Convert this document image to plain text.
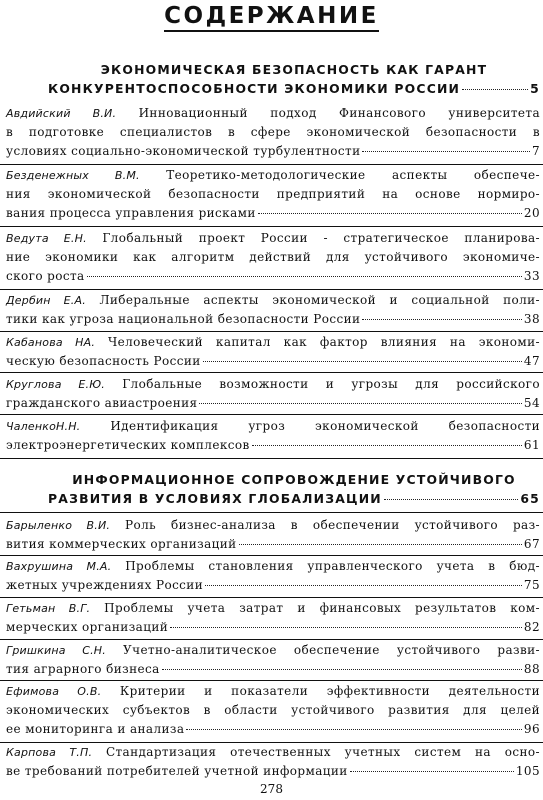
СОДЕРЖАНИЕ
ЭКОНОМИЧЕСКАЯ БЕЗОПАСНОСТЬ КАК ГАРАНТ
КОНКУРЕНТОСПОСОБНОСТИ ЭКОНОМИКИ РОССИИ	5
Авдийский В.И. Инновационный подход Финансового университета
в подготовке специалистов в сфере экономической безопасности в
условиях социально-экономической турбулентности	7
Безденежных В.М. Теоретико-методологические аспекты обеспече-
ния экономической безопасности предприятий на основе нормиро-
вания процесса управления рисками	20
Ведута Е.Н. Глобальный проект России - стратегическое планирова-
ние экономики как алгоритм действий для устойчивого экономиче-
ского роста	33
Дербин Е.А. Либеральные аспекты экономической и социальной поли-
тики как угроза национальной безопасности России	38
Кабанова НА. Человеческий капитал как фактор влияния на экономи-
ческую безопасность России	47
Круглова Е.Ю. Глобальные возможности и угрозы для российского
гражданского авиастроения	54
ЧаленкоН.Н. Идентификация угроз экономической безопасности
электроэнергетических комплексов	61
ИНФОРМАЦИОННОЕ СОПРОВОЖДЕНИЕ УСТОЙЧИВОГО
РАЗВИТИЯ В УСЛОВИЯХ ГЛОБАЛИЗАЦИИ	65
Барыленко В.И. Роль бизнес-анализа в обеспечении устойчивого раз-
вития коммерческих организаций	67
Вахрушина М.А. Проблемы становления управленческого учета в бюд-
жетных учреждениях России	75
Гетьман В.Г. Проблемы учета затрат и финансовых результатов ком-
мерческих организаций	82
Гришкина С.Н. Учетно-аналитическое обеспечение устойчивого разви-
тия аграрного бизнеса	88
Ефимова О.В. Критерии и показатели эффективности деятельности
экономических субъектов в области устойчивого развития для целей
ее мониторинга и анализа	96
Карпова Т.П. Стандартизация отечественных учетных систем на осно-
ве требований потребителей учетной информации	105
278
